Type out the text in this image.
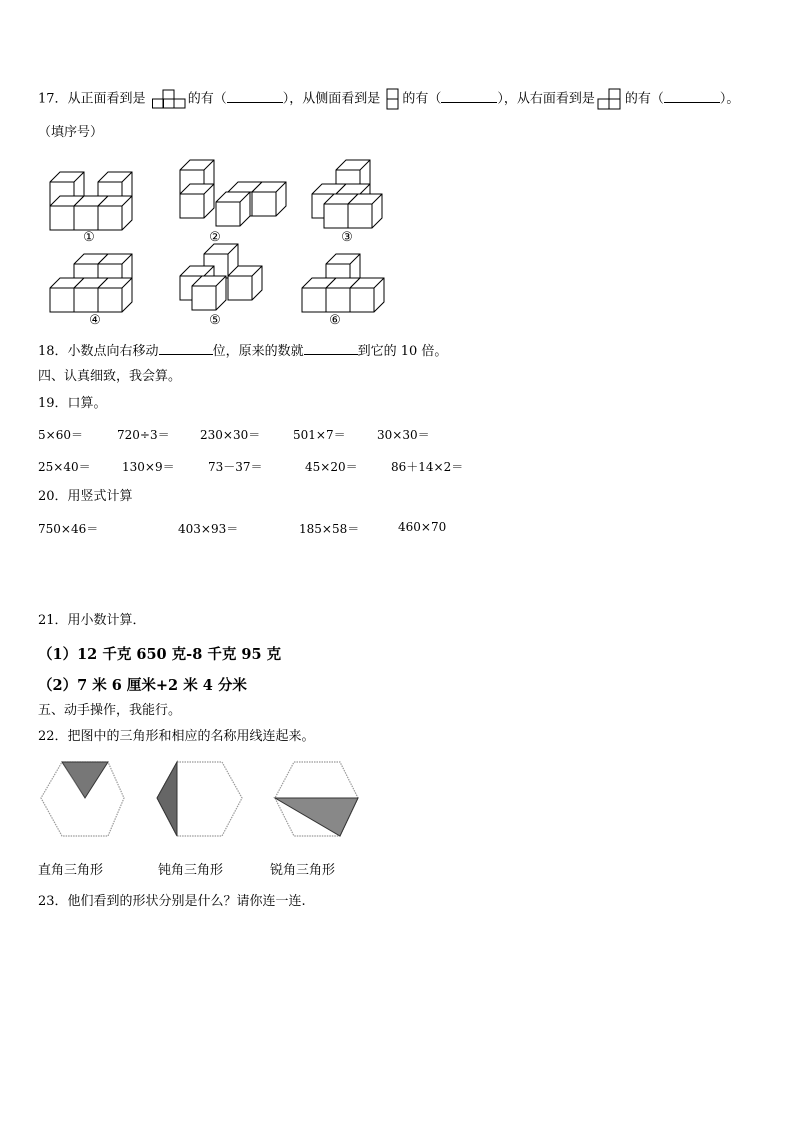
17．从正面看到是	的有（	），从侧面看到是 的有（	），从右面看到是 的有（	）。
（填序号）
①	②	③
④	⑤	⑥
18．小数点向右移动	位，原来的数就	到它的 10 倍。
四、认真细致，我会算。
19．口算。
5×60＝	720÷3＝	230×30＝	501×7＝	30×30＝
25×40＝	130×9＝	73－37＝	45×20＝	86＋14×2＝
20．用竖式计算
750×46＝	403×93＝	185×58＝	460×70
21．用小数计算．
（1）12 千克 650 克-8 千克 95 克
（2）7 米 6 厘米+2 米 4 分米
五、动手操作，我能行。
22．把图中的三角形和相应的名称用线连起来。
直角三角形	钝角三角形	锐角三角形
23．他们看到的形状分别是什么？请你连一连.
